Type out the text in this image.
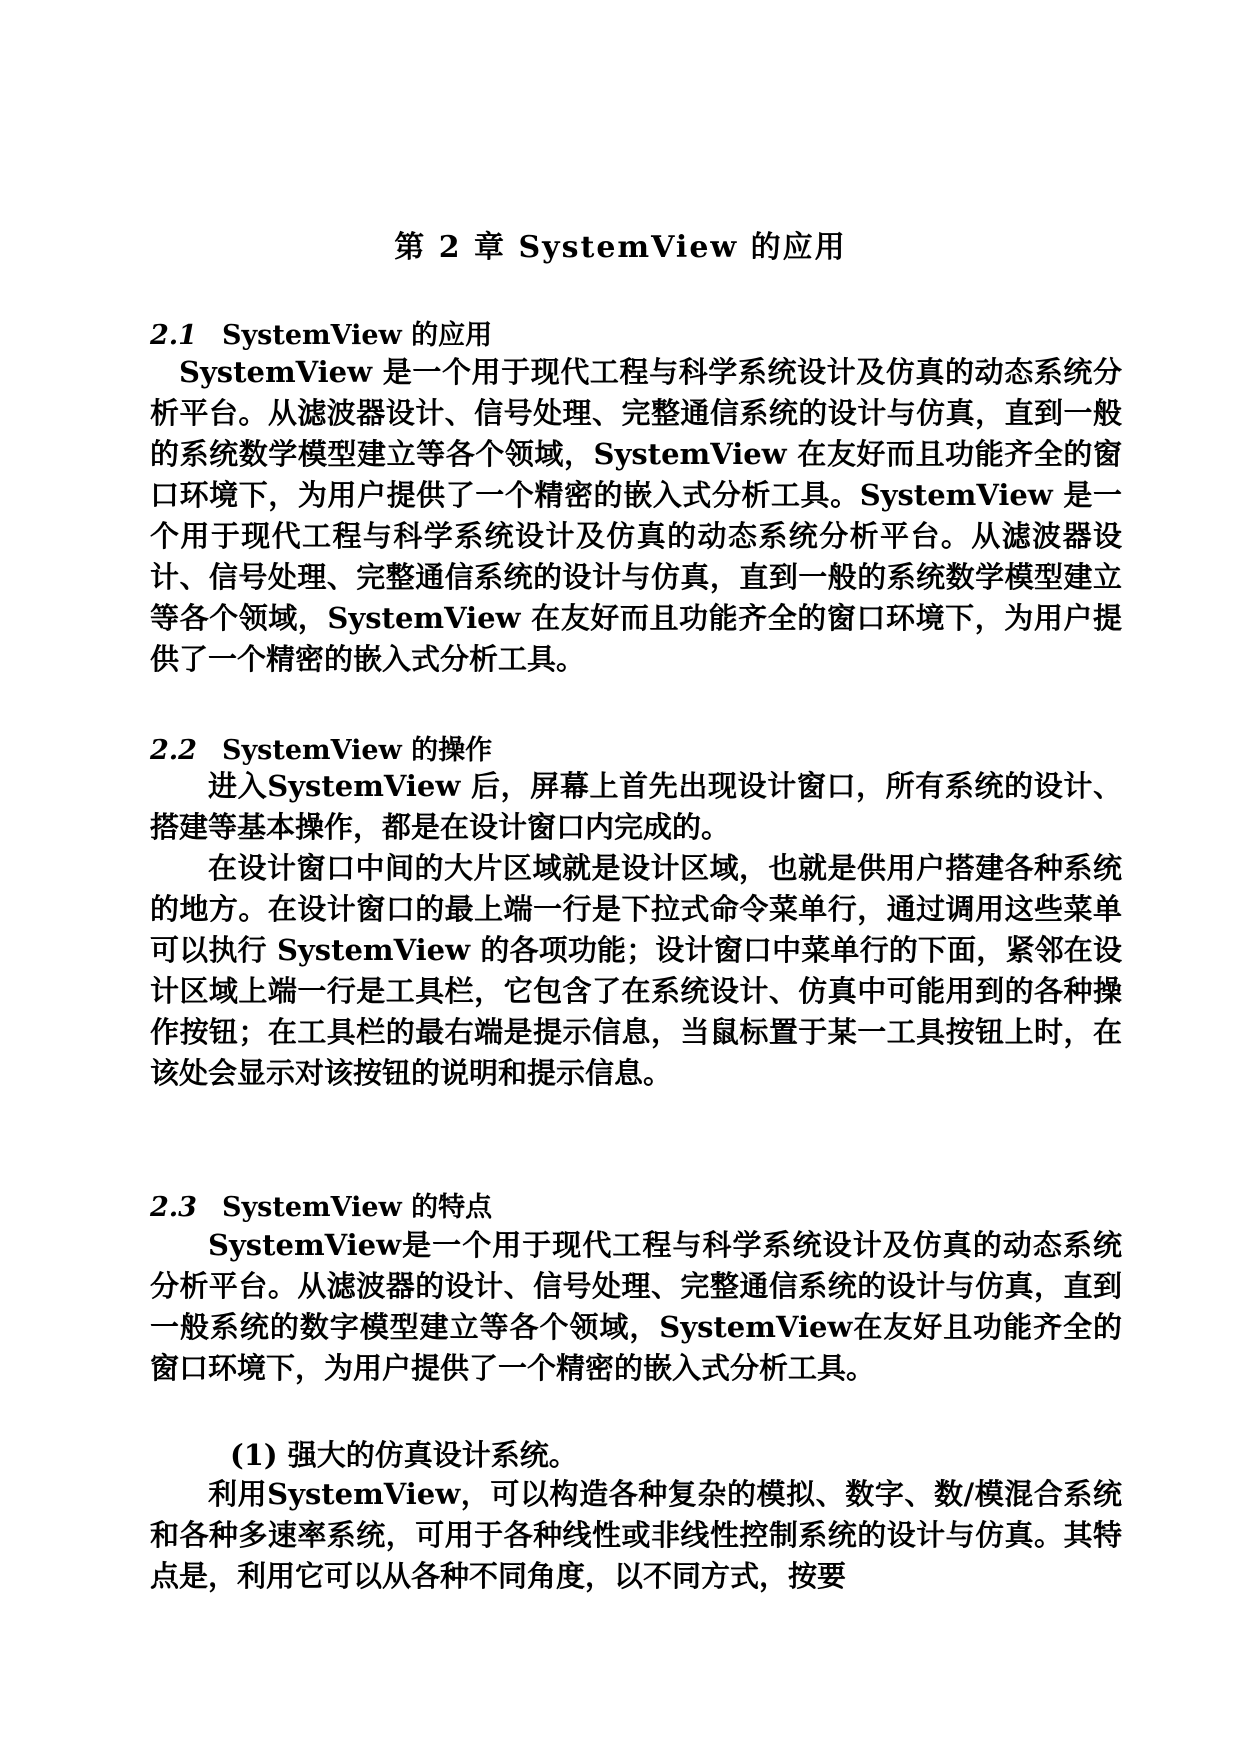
第 2 章 SystemView 的应用
2.1 SystemView 的应用
SystemView 是一个用于现代工程与科学系统设计及仿真的动态系统分析平台。从滤波器设计、信号处理、完整通信系统的设计与仿真，直到一般的系统数学模型建立等各个领域，SystemView 在友好而且功能齐全的窗口环境下，为用户提供了一个精密的嵌入式分析工具。SystemView 是一个用于现代工程与科学系统设计及仿真的动态系统分析平台。从滤波器设计、信号处理、完整通信系统的设计与仿真，直到一般的系统数学模型建立等各个领域，SystemView 在友好而且功能齐全的窗口环境下，为用户提供了一个精密的嵌入式分析工具。
2.2 SystemView 的操作
进入SystemView 后，屏幕上首先出现设计窗口，所有系统的设计、搭建等基本操作，都是在设计窗口内完成的。
在设计窗口中间的大片区域就是设计区域，也就是供用户搭建各种系统的地方。在设计窗口的最上端一行是下拉式命令菜单行，通过调用这些菜单可以执行 SystemView 的各项功能；设计窗口中菜单行的下面，紧邻在设计区域上端一行是工具栏，它包含了在系统设计、仿真中可能用到的各种操作按钮；在工具栏的最右端是提示信息，当鼠标置于某一工具按钮上时，在该处会显示对该按钮的说明和提示信息。
2.3 SystemView 的特点
SystemView是一个用于现代工程与科学系统设计及仿真的动态系统分析平台。从滤波器的设计、信号处理、完整通信系统的设计与仿真，直到一般系统的数字模型建立等各个领域，SystemView在友好且功能齐全的窗口环境下，为用户提供了一个精密的嵌入式分析工具。
(1) 强大的仿真设计系统。
利用SystemView，可以构造各种复杂的模拟、数字、数/模混合系统和各种多速率系统，可用于各种线性或非线性控制系统的设计与仿真。其特点是，利用它可以从各种不同角度，以不同方式，按要
